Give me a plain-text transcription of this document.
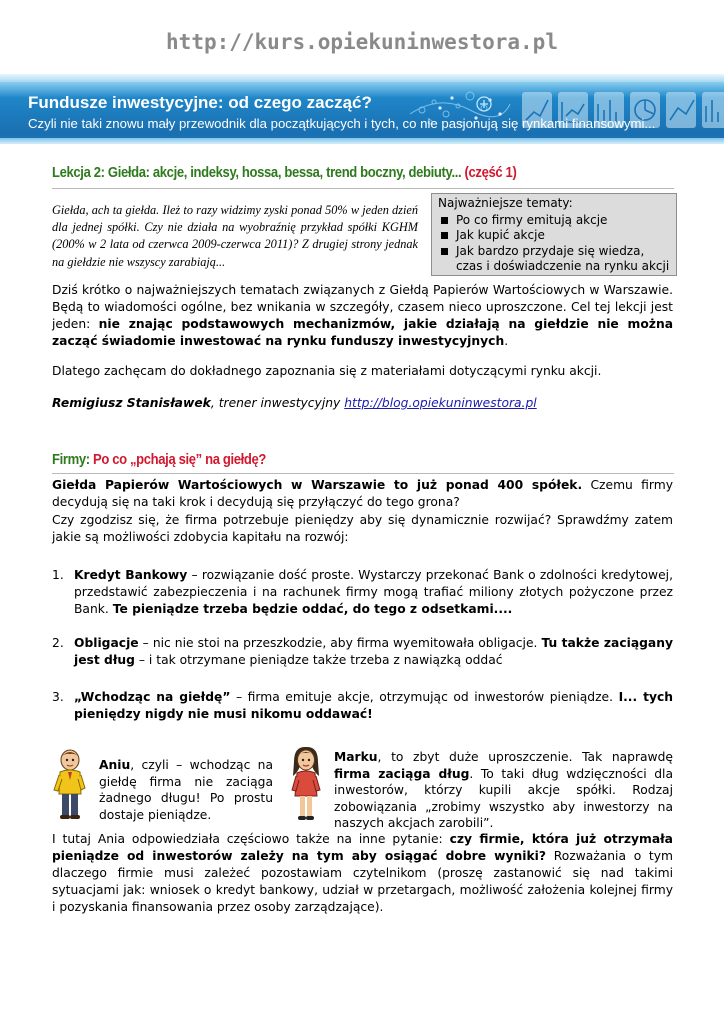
http://kurs.opiekuninwestora.pl
Fundusze inwestycyjne: od czego zacząć?
Czyli nie taki znowu mały przewodnik dla początkujących i tych, co nie pasjonują się rynkami finansowymi...
Lekcja 2: Giełda: akcje, indeksy, hossa, bessa, trend boczny, debiuty... (część 1)
Giełda, ach ta giełda. Ileż to razy widzimy zyski ponad 50% w jeden dzień dla jednej spółki. Czy nie działa na wyobraźnię przykład spółki KGHM (200% w 2 lata od czerwca 2009-czerwca 2011)? Z drugiej strony jednak na giełdzie nie wszyscy zarabiają...
Najważniejsze tematy:
Po co firmy emitują akcje
Jak kupić akcje
Jak bardzo przydaje się wiedza, czas i doświadczenie na rynku akcji
Dziś krótko o najważniejszych tematach związanych z Giełdą Papierów Wartościowych w Warszawie. Będą to wiadomości ogólne, bez wnikania w szczegóły, czasem nieco uproszczone. Cel tej lekcji jest jeden: nie znając podstawowych mechanizmów, jakie działają na giełdzie nie można zacząć świadomie inwestować na rynku funduszy inwestycyjnych.
Dlatego zachęcam do dokładnego zapoznania się z materiałami dotyczącymi rynku akcji.
Remigiusz Stanisławek, trener inwestycyjny http://blog.opiekuninwestora.pl
Firmy: Po co „pchają się” na giełdę?
Giełda Papierów Wartościowych w Warszawie to już ponad 400 spółek. Czemu firmy decydują się na taki krok i decydują się przyłączyć do tego grona?
Czy zgodzisz się, że firma potrzebuje pieniędzy aby się dynamicznie rozwijać? Sprawdźmy zatem jakie są możliwości zdobycia kapitału na rozwój:
1. Kredyt Bankowy – rozwiązanie dość proste. Wystarczy przekonać Bank o zdolności kredytowej, przedstawić zabezpieczenia i na rachunek firmy mogą trafiać miliony złotych pożyczone przez Bank. Te pieniądze trzeba będzie oddać, do tego z odsetkami....
2. Obligacje – nic nie stoi na przeszkodzie, aby firma wyemitowała obligacje. Tu także zaciągany jest dług – i tak otrzymane pieniądze także trzeba z nawiązką oddać
3. „Wchodząc na giełdę” – firma emituje akcje, otrzymując od inwestorów pieniądze. I... tych pieniędzy nigdy nie musi nikomu oddawać!
Aniu, czyli – wchodząc na giełdę firma nie zaciąga żadnego długu! Po prostu dostaje pieniądze.
Marku, to zbyt duże uproszczenie. Tak naprawdę firma zaciąga dług. To taki dług wdzięczności dla inwestorów, którzy kupili akcje spółki. Rodzaj zobowiązania „zrobimy wszystko aby inwestorzy na naszych akcjach zarobili”.
I tutaj Ania odpowiedziała częściowo także na inne pytanie: czy firmie, która już otrzymała pieniądze od inwestorów zależy na tym aby osiągać dobre wyniki? Rozważania o tym dlaczego firmie musi zależeć pozostawiam czytelnikom (proszę zastanowić się nad takimi sytuacjami jak: wniosek o kredyt bankowy, udział w przetargach, możliwość założenia kolejnej firmy i pozyskania finansowania przez osoby zarządzające).
